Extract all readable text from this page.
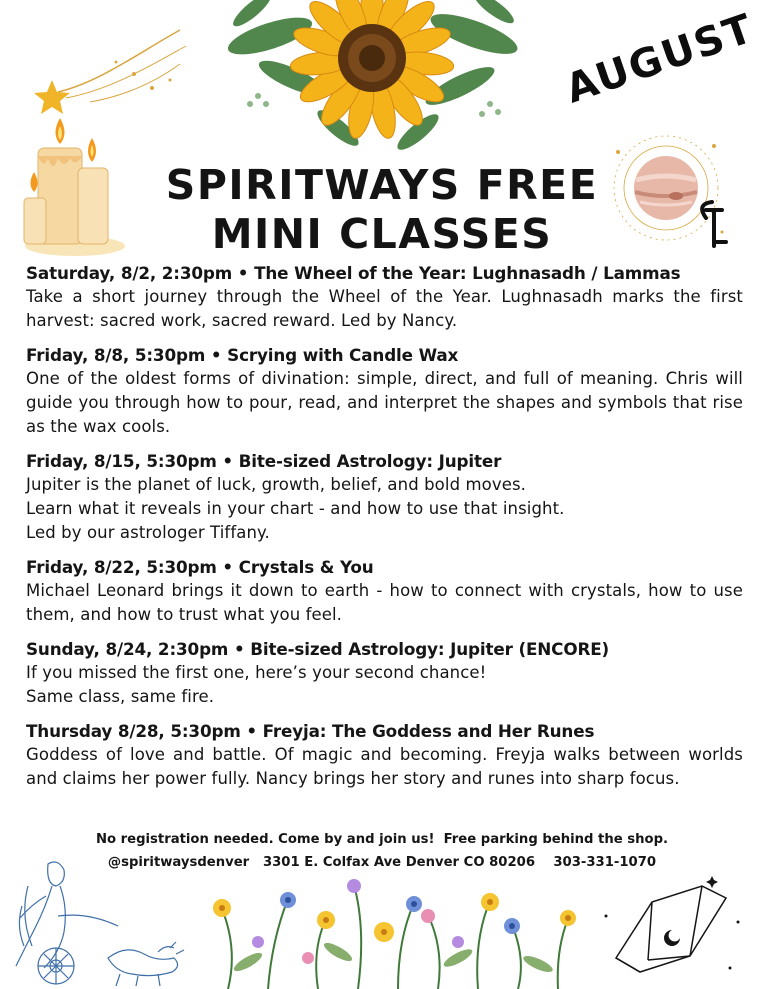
AUGUST
SPIRITWAYS FREE
MINI CLASSES
Saturday, 8/2, 2:30pm • The Wheel of the Year: Lughnasadh / Lammas

Take a short journey through the Wheel of the Year. Lughnasadh marks the first harvest: sacred work, sacred reward. Led by Nancy.

Friday, 8/8, 5:30pm • Scrying with Candle Wax

One of the oldest forms of divination: simple, direct, and full of meaning. Chris will guide you through how to pour, read, and interpret the shapes and symbols that rise as the wax cools.

Friday, 8/15, 5:30pm • Bite-sized Astrology: Jupiter

Jupiter is the planet of luck, growth, belief, and bold moves.

Learn what it reveals in your chart - and how to use that insight.

Led by our astrologer Tiffany.

Friday, 8/22, 5:30pm • Crystals & You

Michael Leonard brings it down to earth - how to connect with crystals, how to use them, and how to trust what you feel.

Sunday, 8/24, 2:30pm • Bite-sized Astrology: Jupiter (ENCORE)

If you missed the first one, here’s your second chance!

Same class, same fire.

Thursday 8/28, 5:30pm • Freyja: The Goddess and Her Runes

Goddess of love and battle. Of magic and becoming. Freyja walks between worlds and claims her power fully. Nancy brings her story and runes into sharp focus.

No registration needed. Come by and join us!  Free parking behind the shop.
@spiritwaysdenver   3301 E. Colfax Ave Denver CO 80206    303-331-1070
